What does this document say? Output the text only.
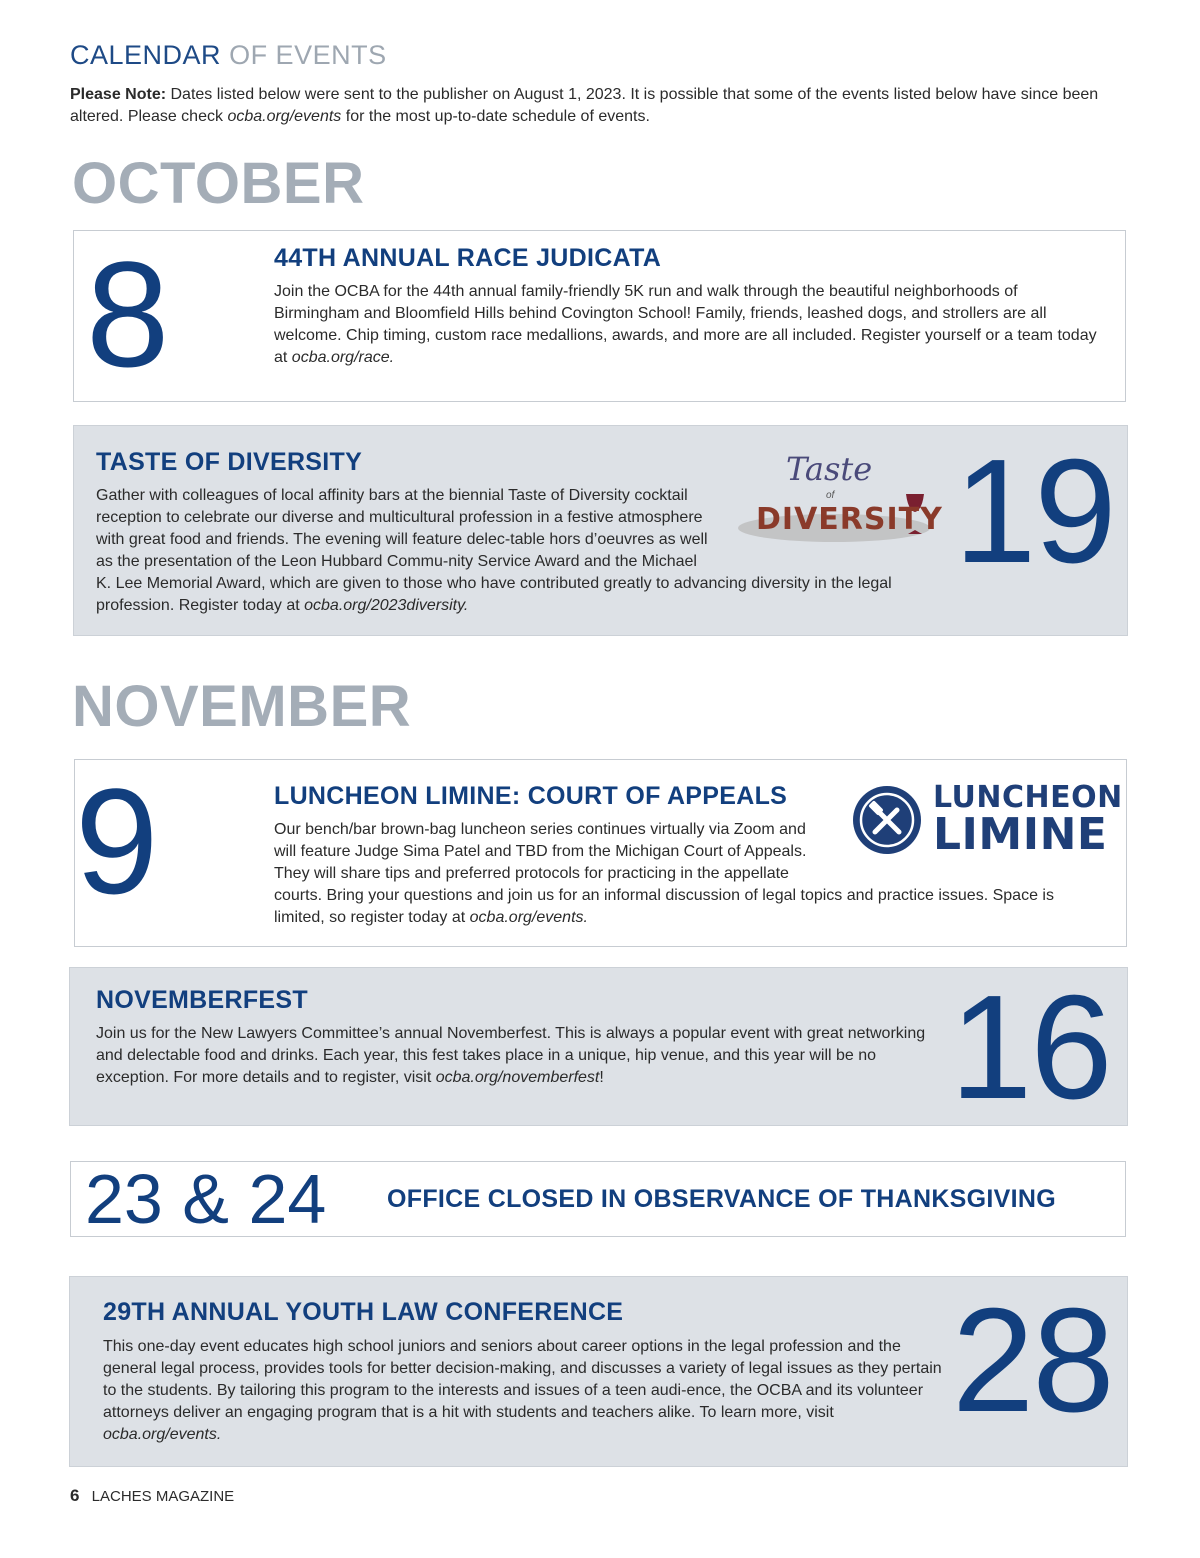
CALENDAR OF EVENTS
Please Note: Dates listed below were sent to the publisher on August 1, 2023. It is possible that some of the events listed below have since been altered. Please check ocba.org/events for the most up-to-date schedule of events.
OCTOBER
8	44TH ANNUAL RACE JUDICATA
Join the OCBA for the 44th annual family-friendly 5K run and walk through the beautiful neighborhoods of Birmingham and Bloomfield Hills behind Covington School! Family, friends, leashed dogs, and strollers are all welcome. Chip timing, custom race medallions, awards, and more are all included. Register yourself or a team today at ocba.org/race.
TASTE OF DIVERSITY
Gather with colleagues of local affinity bars at the biennial Taste of Diversity cocktail reception to celebrate our diverse and multicultural profession in a festive atmosphere with great food and friends. The evening will feature delec-table hors d’oeuvres as well as the presentation of the Leon Hubbard Commu-nity Service Award and the Michael K. Lee Memorial Award, which are given to those who have contributed greatly to advancing diversity in the legal profession. Register today at ocba.org/2023diversity.
Taste
of
DIVERSITY 19
NOVEMBER
9	LUNCHEON LIMINE: COURT OF APPEALS
Our bench/bar brown-bag luncheon series continues virtually via Zoom and will feature Judge Sima Patel and TBD from the Michigan Court of Appeals. They will share tips and preferred protocols for practicing in the appellate courts. Bring your questions and join us for an informal discussion of legal topics and practice issues. Space is limited, so register today at ocba.org/events.
LUNCHEON
LIMINE
NOVEMBERFEST
Join us for the New Lawyers Committee’s annual Novemberfest. This is always a popular event with great networking and delectable food and drinks. Each year, this fest takes place in a unique, hip venue, and this year will be no exception. For more details and to register, visit ocba.org/novemberfest!	16
23 & 24 OFFICE CLOSED IN OBSERVANCE OF THANKSGIVING
29TH ANNUAL YOUTH LAW CONFERENCE
This one-day event educates high school juniors and seniors about career options in the legal profession and the general legal process, provides tools for better decision-making, and discusses a variety of legal issues as they pertain to the students. By tailoring this program to the interests and issues of a teen audi-ence, the OCBA and its volunteer attorneys deliver an engaging program that is a hit with students and teachers alike. To learn more, visit ocba.org/events.	28
6 LACHES MAGAZINE
